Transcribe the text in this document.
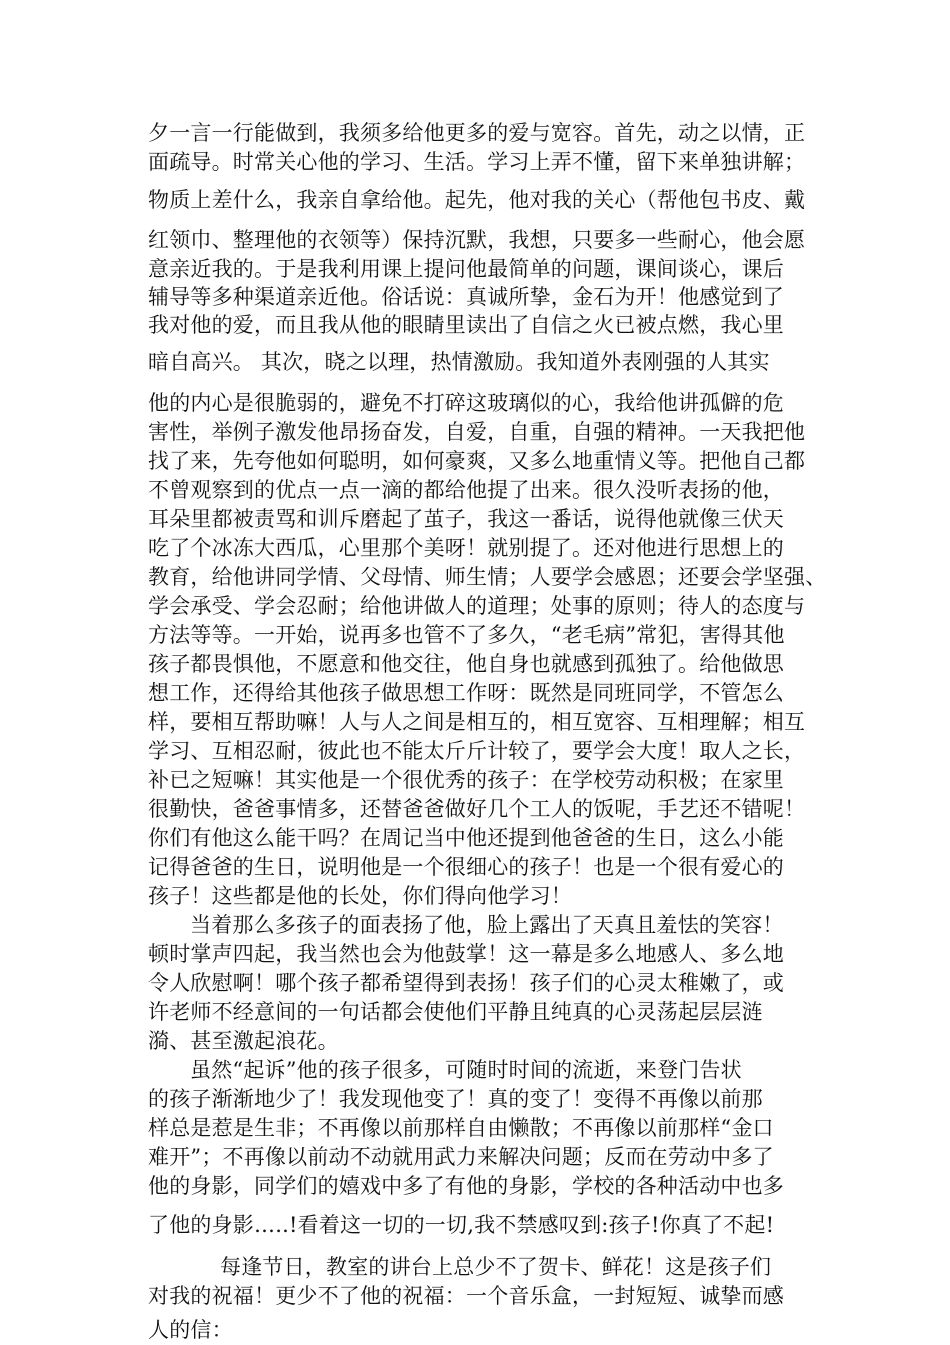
夕一言一行能做到，我须多给他更多的爱与宽容。首先，动之以情，正
面疏导。时常关心他的学习、生活。学习上弄不懂，留下来单独讲解；
物质上差什么，我亲自拿给他。起先，他对我的关心（帮他包书皮、戴
红领巾、整理他的衣领等）保持沉默，我想，只要多一些耐心，他会愿
意亲近我的。于是我利用课上提问他最简单的问题，课间谈心，课后
辅导等多种渠道亲近他。俗话说：真诚所挚，金石为开！他感觉到了
我对他的爱，而且我从他的眼睛里读出了自信之火已被点燃，我心里
暗自高兴。 其次，晓之以理，热情激励。我知道外表刚强的人其实
他的内心是很脆弱的，避免不打碎这玻璃似的心，我给他讲孤僻的危
害性，举例子激发他昂扬奋发，自爱，自重，自强的精神。一天我把他
找了来，先夸他如何聪明，如何豪爽，又多么地重情义等。把他自己都
不曾观察到的优点一点一滴的都给他提了出来。很久没听表扬的他，
耳朵里都被责骂和训斥磨起了茧子，我这一番话，说得他就像三伏天
吃了个冰冻大西瓜，心里那个美呀！就别提了。还对他进行思想上的
教育，给他讲同学情、父母情、师生情；人要学会感恩；还要会学坚强、
学会承受、学会忍耐；给他讲做人的道理；处事的原则；待人的态度与
方法等等。一开始，说再多也管不了多久，“老毛病”常犯，害得其他
孩子都畏惧他，不愿意和他交往，他自身也就感到孤独了。给他做思
想工作，还得给其他孩子做思想工作呀：既然是同班同学，不管怎么
样，要相互帮助嘛！人与人之间是相互的，相互宽容、互相理解；相互
学习、互相忍耐，彼此也不能太斤斤计较了，要学会大度！取人之长，
补已之短嘛！其实他是一个很优秀的孩子：在学校劳动积极；在家里
很勤快，爸爸事情多，还替爸爸做好几个工人的饭呢，手艺还不错呢！
你们有他这么能干吗？在周记当中他还提到他爸爸的生日，这么小能
记得爸爸的生日，说明他是一个很细心的孩子！也是一个很有爱心的
孩子！这些都是他的长处，你们得向他学习！
当着那么多孩子的面表扬了他，脸上露出了天真且羞怯的笑容！
顿时掌声四起，我当然也会为他鼓掌！这一幕是多么地感人、多么地
令人欣慰啊！哪个孩子都希望得到表扬！孩子们的心灵太稚嫩了，或
许老师不经意间的一句话都会使他们平静且纯真的心灵荡起层层涟
漪、甚至激起浪花。
虽然“起诉”他的孩子很多，可随时时间的流逝，来登门告状
的孩子渐渐地少了！我发现他变了！真的变了！变得不再像以前那
样总是惹是生非；不再像以前那样自由懒散；不再像以前那样“金口
难开”；不再像以前动不动就用武力来解决问题；反而在劳动中多了
他的身影，同学们的嬉戏中多了有他的身影，学校的各种活动中也多
了他的身影…..!看着这一切的一切,我不禁感叹到:孩子!你真了不起!
每逢节日，教室的讲台上总少不了贺卡、鲜花！这是孩子们
对我的祝福！更少不了他的祝福：一个音乐盒，一封短短、诚挚而感
人的信：
